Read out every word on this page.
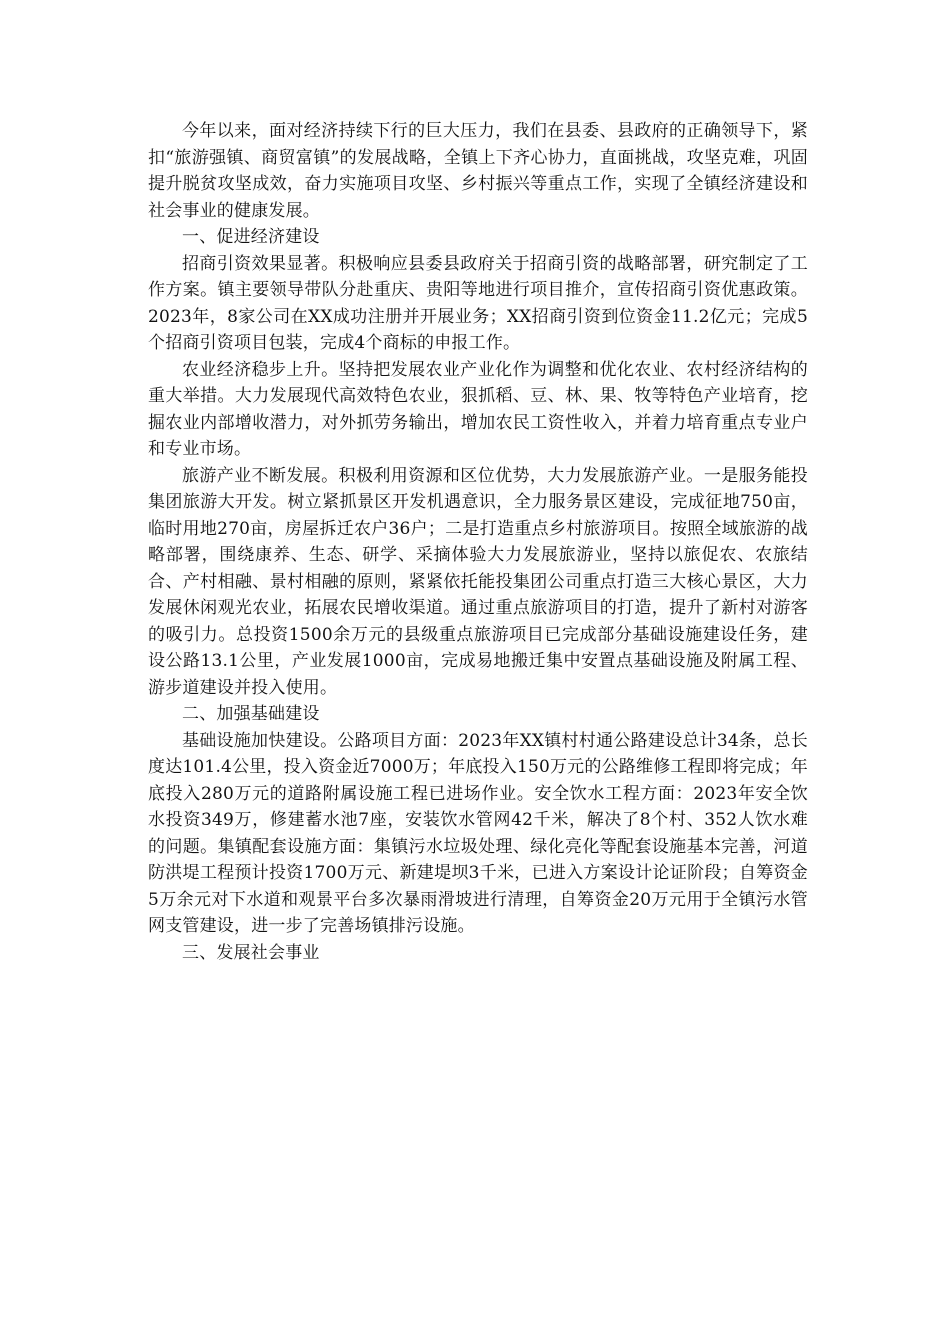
今年以来，面对经济持续下行的巨大压力，我们在县委、县政府的正确领导下，紧扣“旅游强镇、商贸富镇”的发展战略，全镇上下齐心协力，直面挑战，攻坚克难，巩固提升脱贫攻坚成效，奋力实施项目攻坚、乡村振兴等重点工作，实现了全镇经济建设和社会事业的健康发展。

一、促进经济建设

招商引资效果显著。积极响应县委县政府关于招商引资的战略部署，研究制定了工作方案。镇主要领导带队分赴重庆、贵阳等地进行项目推介，宣传招商引资优惠政策。2023年，8家公司在XX成功注册并开展业务；XX招商引资到位资金11.2亿元；完成5个招商引资项目包装，完成4个商标的申报工作。

农业经济稳步上升。坚持把发展农业产业化作为调整和优化农业、农村经济结构的重大举措。大力发展现代高效特色农业，狠抓稻、豆、林、果、牧等特色产业培育，挖掘农业内部增收潜力，对外抓劳务输出，增加农民工资性收入，并着力培育重点专业户和专业市场。

旅游产业不断发展。积极利用资源和区位优势，大力发展旅游产业。一是服务能投集团旅游大开发。树立紧抓景区开发机遇意识，全力服务景区建设，完成征地750亩，临时用地270亩，房屋拆迁农户36户；二是打造重点乡村旅游项目。按照全域旅游的战略部署，围绕康养、生态、研学、采摘体验大力发展旅游业，坚持以旅促农、农旅结合、产村相融、景村相融的原则，紧紧依托能投集团公司重点打造三大核心景区，大力发展休闲观光农业，拓展农民增收渠道。通过重点旅游项目的打造，提升了新村对游客的吸引力。总投资1500余万元的县级重点旅游项目已完成部分基础设施建设任务，建设公路13.1公里，产业发展1000亩，完成易地搬迁集中安置点基础设施及附属工程、游步道建设并投入使用。

二、加强基础建设

基础设施加快建设。公路项目方面：2023年XX镇村村通公路建设总计34条，总长度达101.4公里，投入资金近7000万；年底投入150万元的公路维修工程即将完成；年底投入280万元的道路附属设施工程已进场作业。安全饮水工程方面：2023年安全饮水投资349万，修建蓄水池7座，安装饮水管网42千米，解决了8个村、352人饮水难的问题。集镇配套设施方面：集镇污水垃圾处理、绿化亮化等配套设施基本完善，河道防洪堤工程预计投资1700万元、新建堤坝3千米，已进入方案设计论证阶段；自筹资金5万余元对下水道和观景平台多次暴雨滑坡进行清理，自筹资金20万元用于全镇污水管网支管建设，进一步了完善场镇排污设施。

三、发展社会事业
